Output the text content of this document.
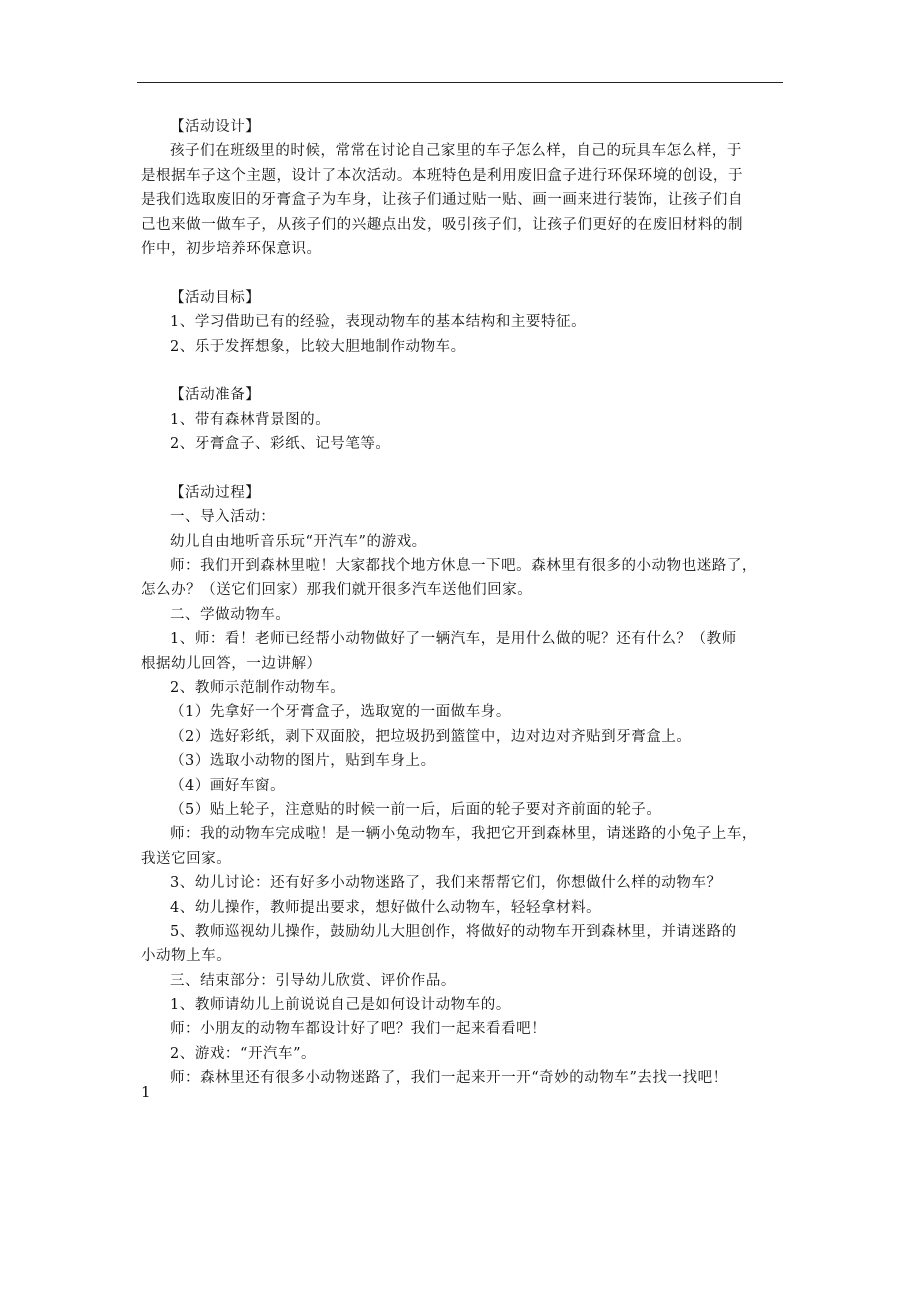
【活动设计】
孩子们在班级里的时候，常常在讨论自己家里的车子怎么样，自己的玩具车怎么样，于
是根据车子这个主题，设计了本次活动。本班特色是利用废旧盒子进行环保环境的创设，于
是我们选取废旧的牙膏盒子为车身，让孩子们通过贴一贴、画一画来进行装饰，让孩子们自
己也来做一做车子，从孩子们的兴趣点出发，吸引孩子们，让孩子们更好的在废旧材料的制
作中，初步培养环保意识。
【活动目标】
1、学习借助已有的经验，表现动物车的基本结构和主要特征。
2、乐于发挥想象，比较大胆地制作动物车。
【活动准备】
1、带有森林背景图的。
2、牙膏盒子、彩纸、记号笔等。
【活动过程】
一、导入活动：
幼儿自由地听音乐玩“开汽车”的游戏。
师：我们开到森林里啦！大家都找个地方休息一下吧。森林里有很多的小动物也迷路了，
怎么办？（送它们回家）那我们就开很多汽车送他们回家。
二、学做动物车。
1、师：看！老师已经帮小动物做好了一辆汽车，是用什么做的呢？还有什么？（教师
根据幼儿回答，一边讲解）
2、教师示范制作动物车。
（1）先拿好一个牙膏盒子，选取宽的一面做车身。
（2）选好彩纸，剥下双面胶，把垃圾扔到篮筐中，边对边对齐贴到牙膏盒上。
（3）选取小动物的图片，贴到车身上。
（4）画好车窗。
（5）贴上轮子，注意贴的时候一前一后，后面的轮子要对齐前面的轮子。
师：我的动物车完成啦！是一辆小兔动物车，我把它开到森林里，请迷路的小兔子上车，
我送它回家。
3、幼儿讨论：还有好多小动物迷路了，我们来帮帮它们，你想做什么样的动物车？
4、幼儿操作，教师提出要求，想好做什么动物车，轻轻拿材料。
5、教师巡视幼儿操作，鼓励幼儿大胆创作，将做好的动物车开到森林里，并请迷路的
小动物上车。
三、结束部分：引导幼儿欣赏、评价作品。
1、教师请幼儿上前说说自己是如何设计动物车的。
师：小朋友的动物车都设计好了吧？我们一起来看看吧！
2、游戏：“开汽车”。
师：森林里还有很多小动物迷路了，我们一起来开一开“奇妙的动物车”去找一找吧！
1
